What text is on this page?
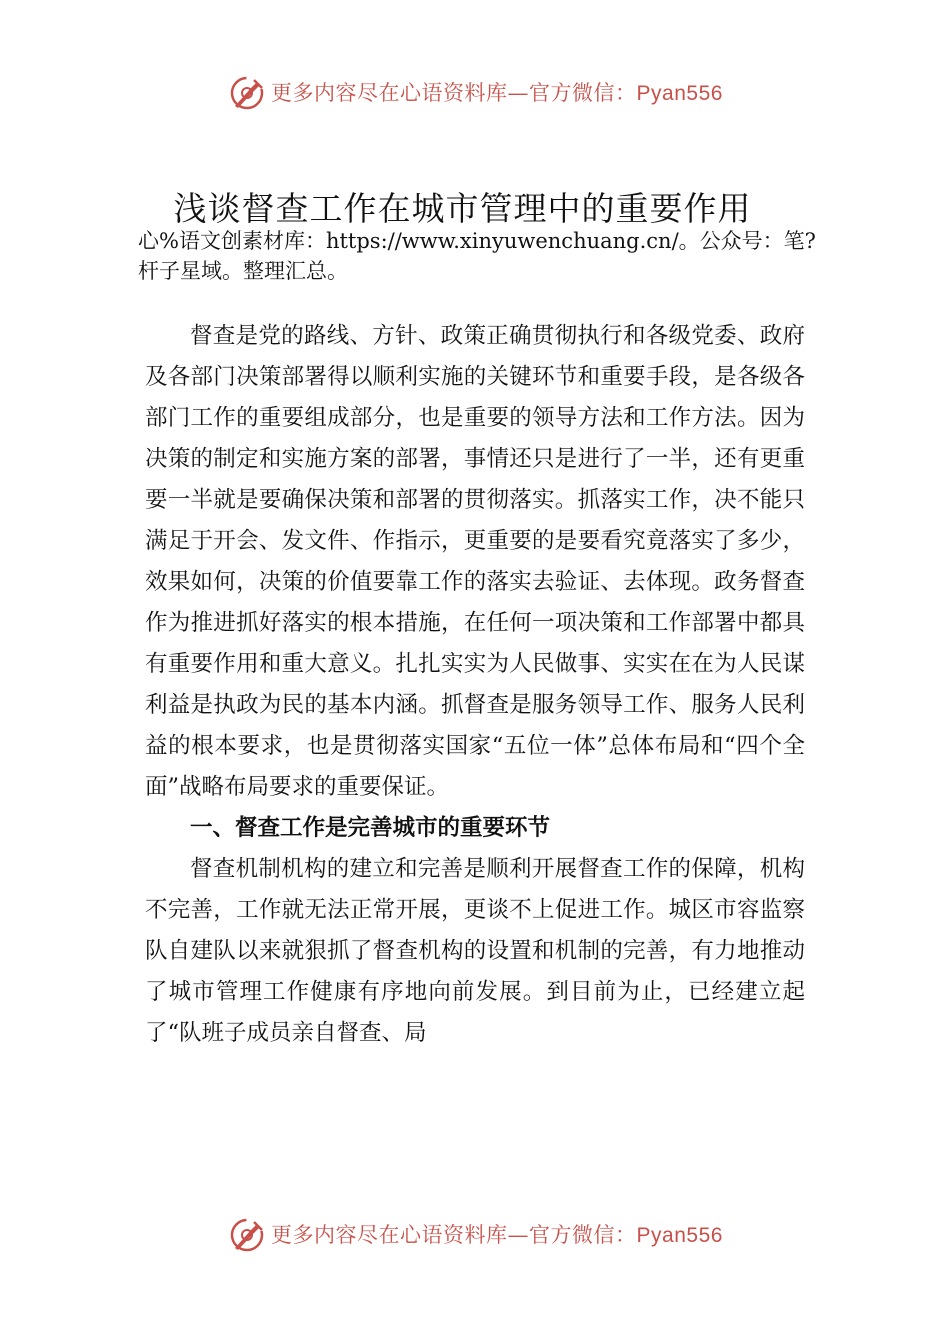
更多内容尽在心语资料库—官方微信：Pyan556
浅谈督查工作在城市管理中的重要作用
心%语文创素材库：https://www.xinyuwenchuang.cn/。公众号：笔?杆子星域。整理汇总。

督查是党的路线、方针、政策正确贯彻执行和各级党委、政府及各部门决策部署得以顺利实施的关键环节和重要手段，是各级各部门工作的重要组成部分，也是重要的领导方法和工作方法。因为决策的制定和实施方案的部署，事情还只是进行了一半，还有更重要一半就是要确保决策和部署的贯彻落实。抓落实工作，决不能只满足于开会、发文件、作指示，更重要的是要看究竟落实了多少，效果如何，决策的价值要靠工作的落实去验证、去体现。政务督查作为推进抓好落实的根本措施，在任何一项决策和工作部署中都具有重要作用和重大意义。扎扎实实为人民做事、实实在在为人民谋利益是执政为民的基本内涵。抓督查是服务领导工作、服务人民利益的根本要求，也是贯彻落实国家“五位一体”总体布局和“四个全面”战略布局要求的重要保证。

一、督查工作是完善城市的重要环节

督查机制机构的建立和完善是顺利开展督查工作的保障，机构不完善，工作就无法正常开展，更谈不上促进工作。城区市容监察队自建队以来就狠抓了督查机构的设置和机制的完善，有力地推动了城市管理工作健康有序地向前发展。到目前为止，已经建立起了“队班子成员亲自督查、局

更多内容尽在心语资料库—官方微信：Pyan556
